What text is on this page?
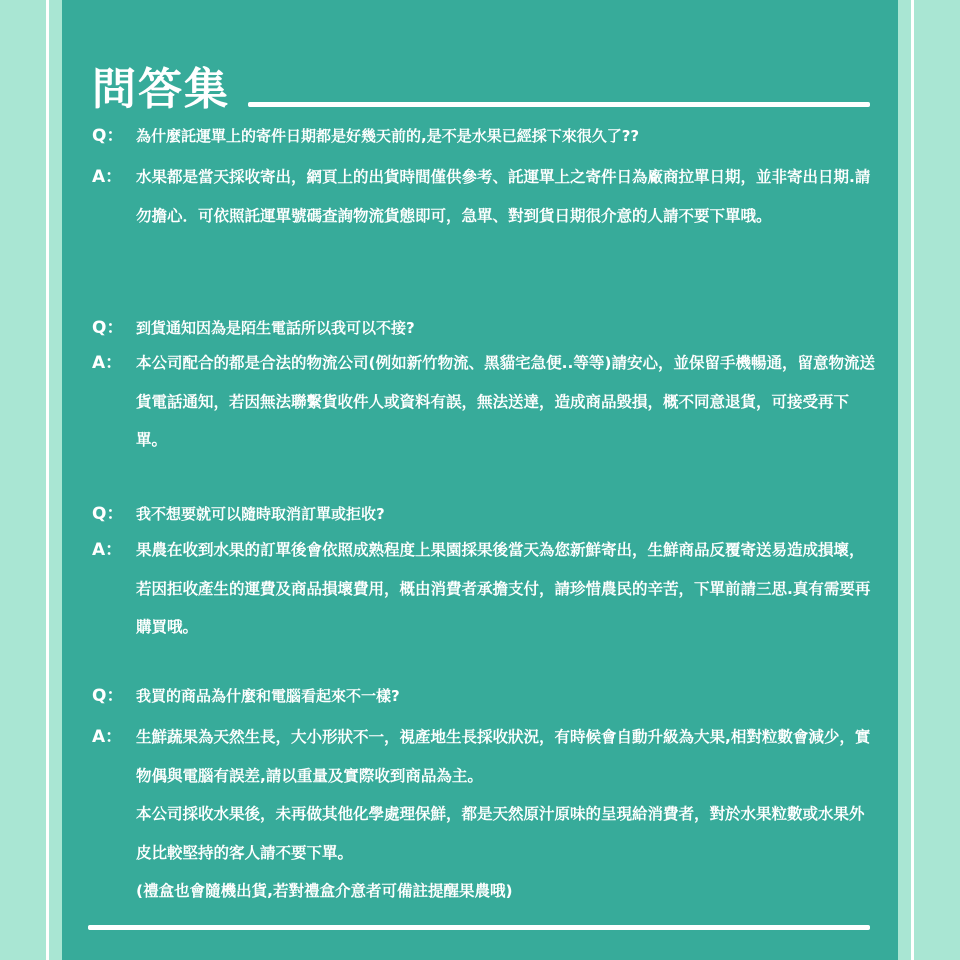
問答集
Q： 為什麼託運單上的寄件日期都是好幾天前的,是不是水果已經採下來很久了??
A： 水果都是當天採收寄出，網頁上的出貨時間僅供參考、託運單上之寄件日為廠商拉單日期，並非寄出日期.請勿擔心．可依照託運單號碼查詢物流貨態即可，急單、對到貨日期很介意的人請不要下單哦。

Q： 到貨通知因為是陌生電話所以我可以不接?
A： 本公司配合的都是合法的物流公司(例如新竹物流、黑貓宅急便..等等)請安心，並保留手機暢通，留意物流送貨電話通知，若因無法聯繫貨收件人或資料有誤，無法送達，造成商品毀損，概不同意退貨，可接受再下單。

Q： 我不想要就可以隨時取消訂單或拒收?
A： 果農在收到水果的訂單後會依照成熟程度上果園採果後當天為您新鮮寄出，生鮮商品反覆寄送易造成損壞，若因拒收產生的運費及商品損壞費用，概由消費者承擔支付，請珍惜農民的辛苦，下單前請三思.真有需要再購買哦。

Q： 我買的商品為什麼和電腦看起來不一樣?
A： 生鮮蔬果為天然生長，大小形狀不一，視產地生長採收狀況，有時候會自動升級為大果,相對粒數會減少，實物偶與電腦有誤差,請以重量及實際收到商品為主。

本公司採收水果後，未再做其他化學處理保鮮，都是天然原汁原味的呈現給消費者，對於水果粒數或水果外皮比較堅持的客人請不要下單。

(禮盒也會隨機出貨,若對禮盒介意者可備註提醒果農哦)
